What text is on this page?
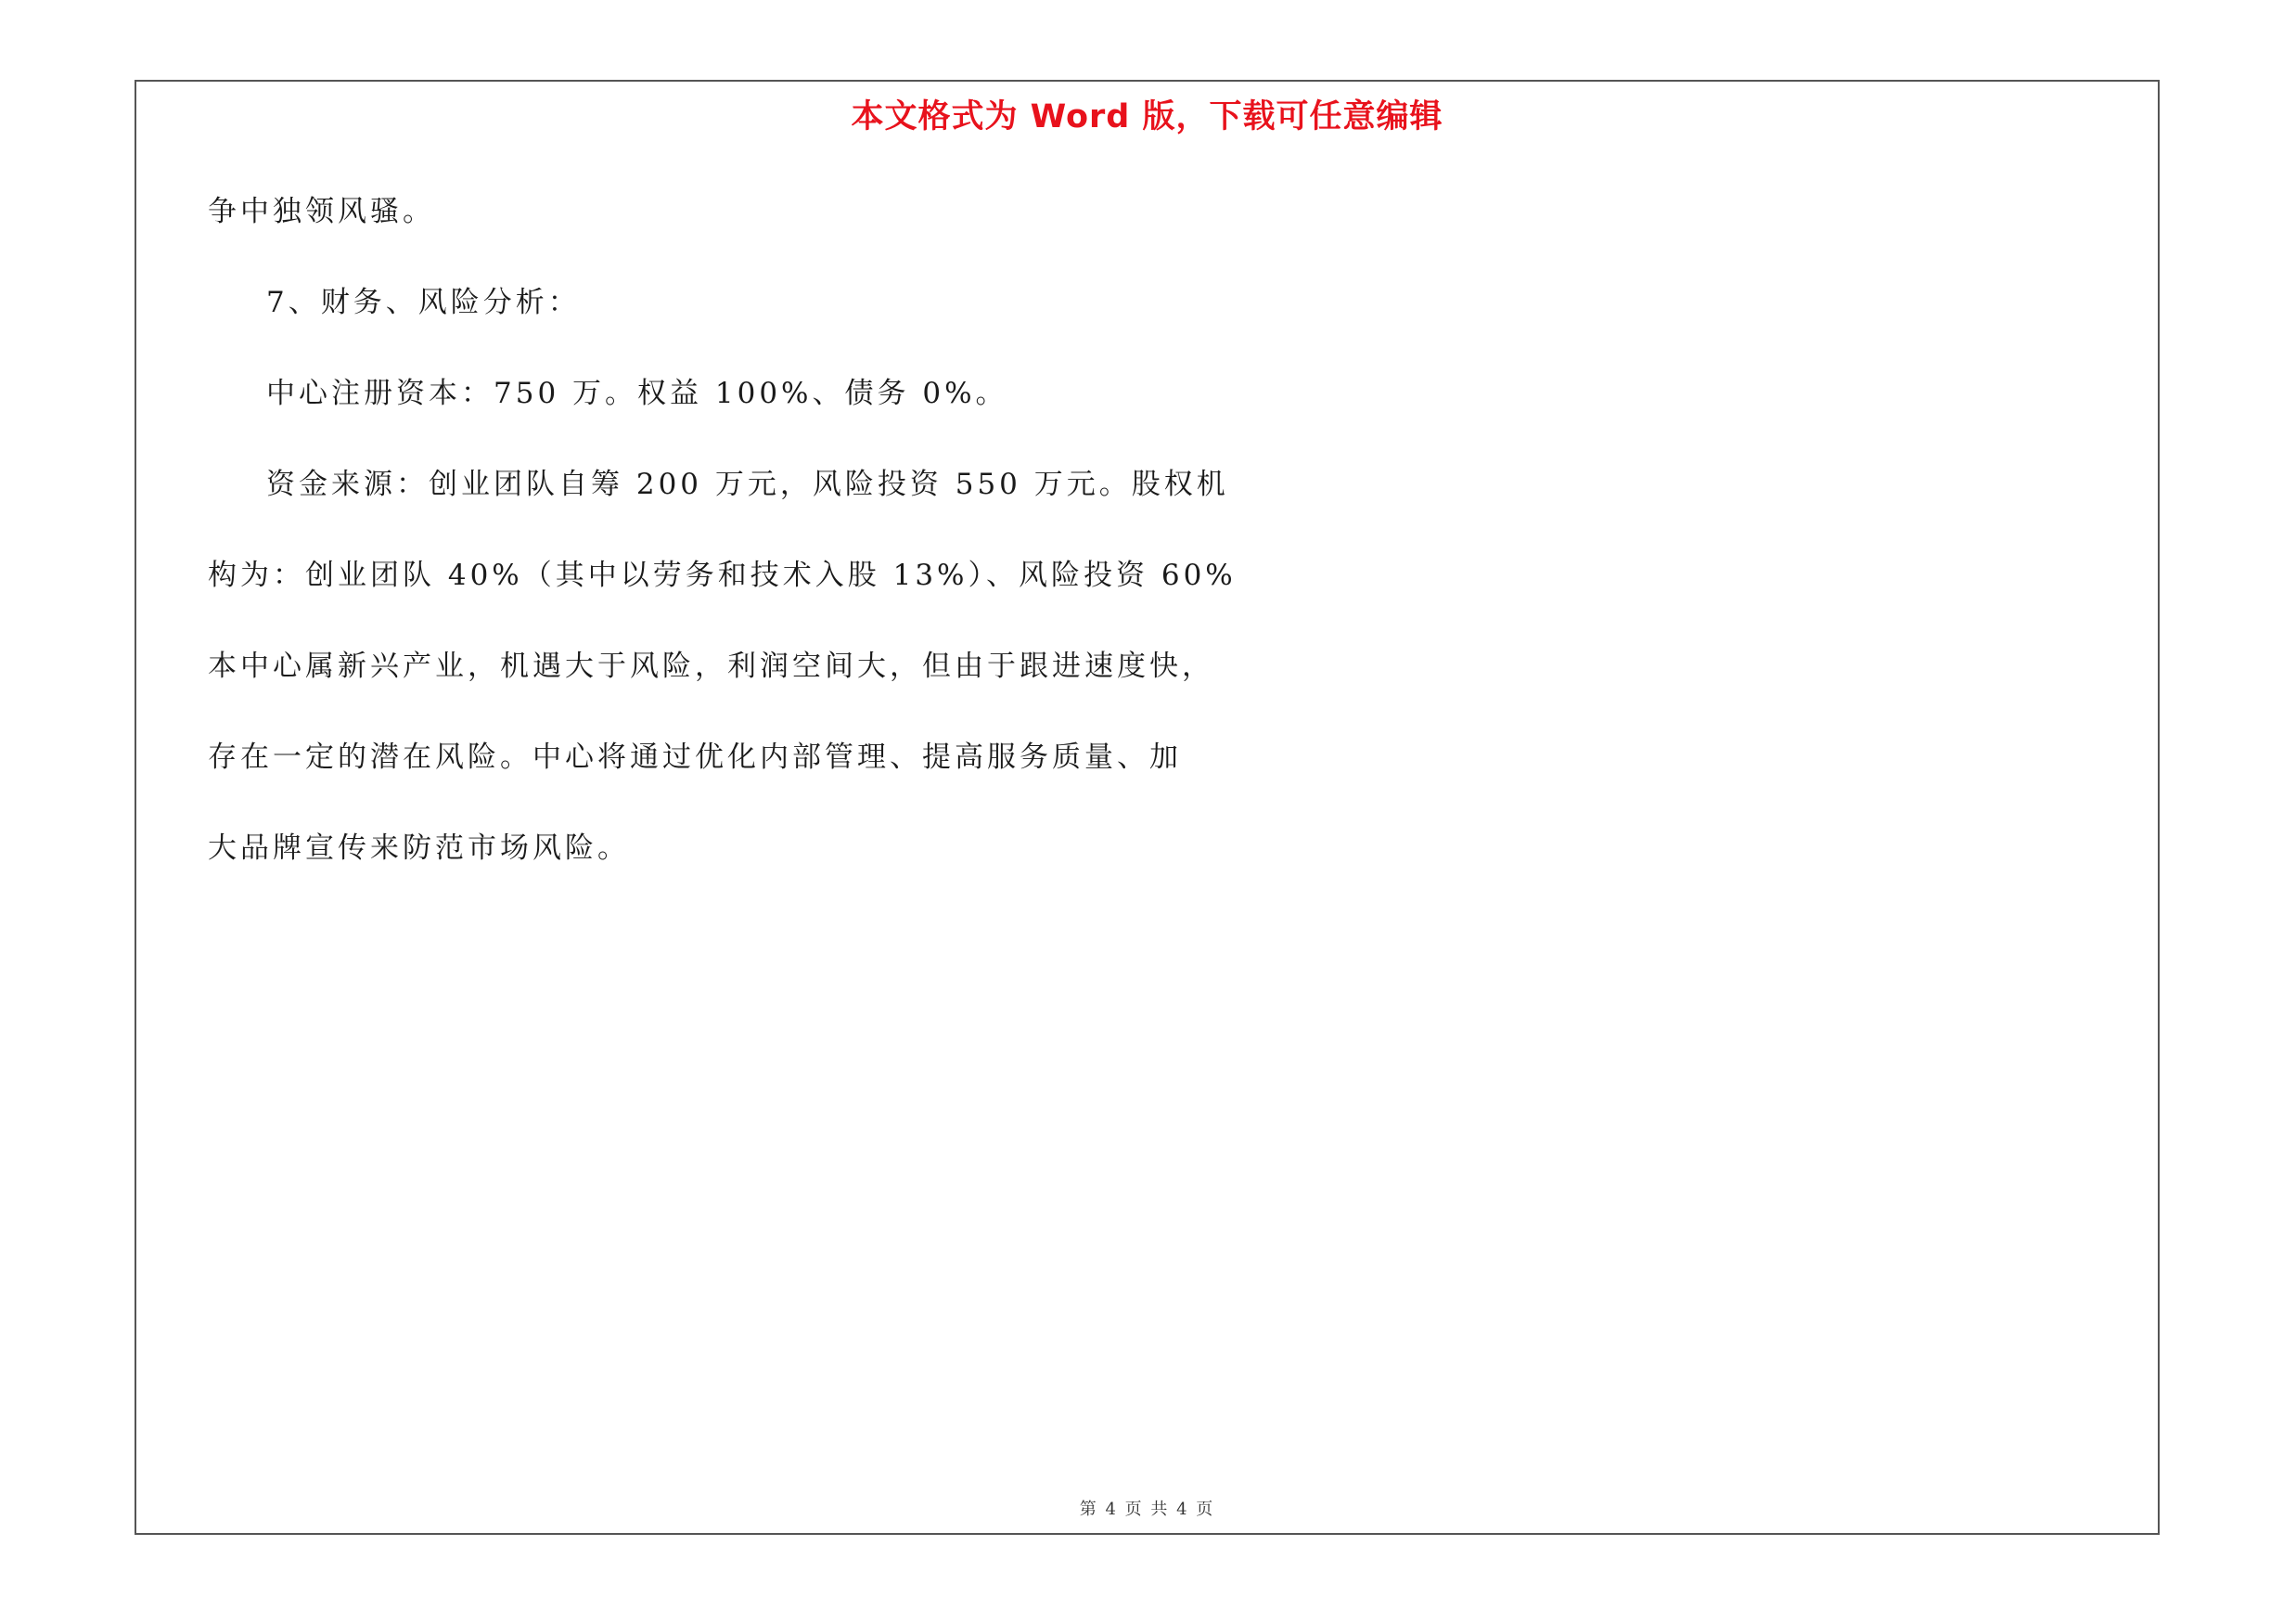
本文格式为 Word 版，下载可任意编辑
争中独领风骚。
7、财务、风险分析：
中心注册资本：750 万。权益 100%、债务 0%。
资金来源：创业团队自筹 200 万元，风险投资 550 万元。股权机
构为：创业团队 40%（其中以劳务和技术入股 13%）、风险投资 60%
本中心属新兴产业，机遇大于风险，利润空间大，但由于跟进速度快，
存在一定的潜在风险。中心将通过优化内部管理、提高服务质量、加
大品牌宣传来防范市场风险。
第 4 页 共 4 页
